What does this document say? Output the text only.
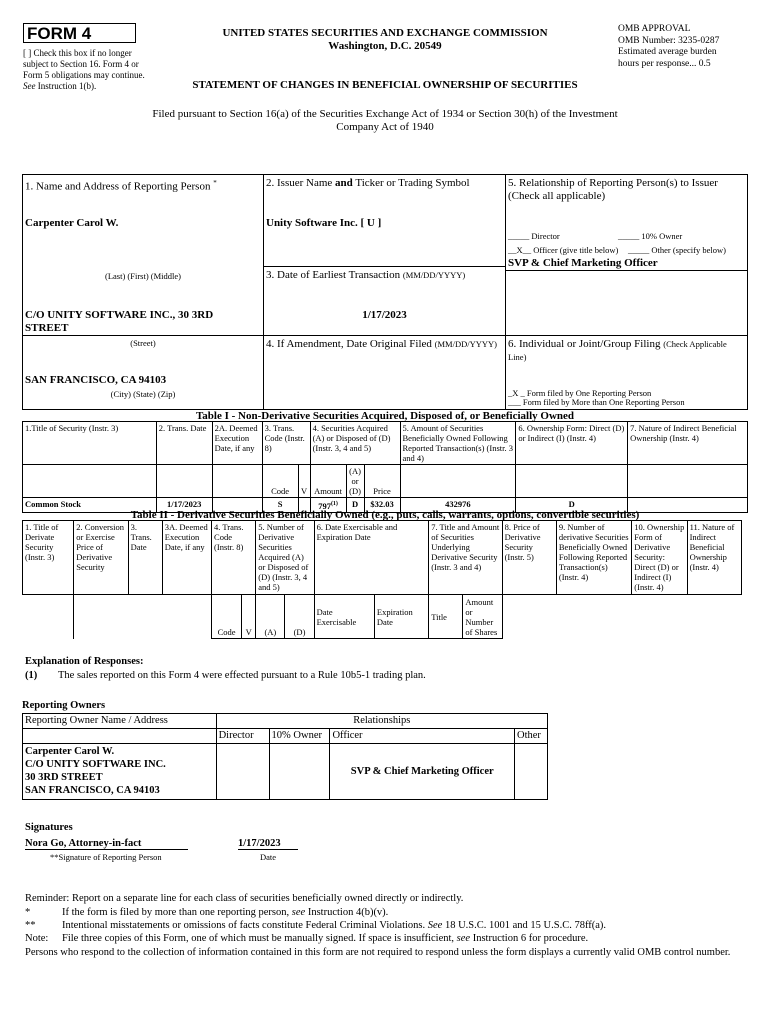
FORM 4
[ ] Check this box if no longer subject to Section 16. Form 4 or Form 5 obligations may continue. See Instruction 1(b).
UNITED STATES SECURITIES AND EXCHANGE COMMISSION
Washington, D.C. 20549
OMB APPROVAL
OMB Number: 3235-0287
Estimated average burden
hours per response... 0.5
STATEMENT OF CHANGES IN BENEFICIAL OWNERSHIP OF SECURITIES
Filed pursuant to Section 16(a) of the Securities Exchange Act of 1934 or Section 30(h) of the Investment Company Act of 1940
1. Name and Address of Reporting Person *
Carpenter Carol W.
(Last) (First) (Middle)
C/O UNITY SOFTWARE INC., 30 3RD STREET
(Street)
SAN FRANCISCO, CA 94103
(City) (State) (Zip)
2. Issuer Name and Ticker or Trading Symbol
Unity Software Inc. [ U ]
3. Date of Earliest Transaction (MM/DD/YYYY)
1/17/2023
4. If Amendment, Date Original Filed (MM/DD/YYYY)
5. Relationship of Reporting Person(s) to Issuer
(Check all applicable)
_____ Director	_____ 10% Owner
__X__ Officer (give title below) _____ Other (specify below)
SVP & Chief Marketing Officer
6. Individual or Joint/Group Filing (Check Applicable
Line)
_X _ Form filed by One Reporting Person
___ Form filed by More than One Reporting Person
Table I - Non-Derivative Securities Acquired, Disposed of, or Beneficially Owned
1.Title of Security (Instr. 3)	2. Trans. Date	2A. Deemed Execution Date, if any	3. Trans. Code (Instr. 8)		4. Securities Acquired (A) or Disposed of (D) (Instr. 3, 4 and 5)			5. Amount of Securities Beneficially Owned Following Reported Transaction(s) (Instr. 3 and 4)	6. Ownership Form: Direct (D) or Indirect (I) (Instr. 4)	7. Nature of Indirect Beneficial Ownership (Instr. 4)
			Code	V	Amount	(A) or (D)	Price			
Common Stock	1/17/2023		S		797$^{(1)}$	D	$32.03	432976	D	
Table II - Derivative Securities Beneficially Owned (e.g., puts, calls, warrants, options, convertible securities)
1. Title of Derivate Security (Instr. 3)	2. Conversion or Exercise Price of Derivative Security	3. Trans. Date	3A. Deemed Execution Date, if any	4. Trans. Code (Instr. 8)		5. Number of Derivative Securities Acquired (A) or Disposed of (D) (Instr. 3, 4 and 5)		6. Date Exercisable and Expiration Date		7. Title and Amount of Securities Underlying Derivative Security (Instr. 3 and 4)		8. Price of Derivative Security (Instr. 5)	9. Number of derivative Securities Beneficially Owned Following Reported Transaction(s) (Instr. 4)	10. Ownership Form of Derivative Security: Direct (D) or Indirect (I) (Instr. 4)	11. Nature of Indirect Beneficial Ownership (Instr. 4)
				Code	V	(A)	(D)	Date Exercisable	Expiration Date	Title	Amount or Number of Shares				
Explanation of Responses:
(1) The sales reported on this Form 4 were effected pursuant to a Rule 10b5-1 trading plan.
Reporting Owners
Reporting Owner Name / Address	Relationships			
	Director	10% Owner	Officer	Other

Carpenter Carol W.
C/O UNITY SOFTWARE INC.
30 3RD STREET
SAN FRANCISCO, CA 94103			SVP & Chief Marketing Officer	
Signatures
Nora Go, Attorney-in-fact	1/17/2023
**Signature of Reporting Person	Date
Reminder: Report on a separate line for each class of securities beneficially owned directly or indirectly.
*	If the form is filed by more than one reporting person, see Instruction 4(b)(v).
**	Intentional misstatements or omissions of facts constitute Federal Criminal Violations. See 18 U.S.C. 1001 and 15 U.S.C. 78ff(a).
Note: File three copies of this Form, one of which must be manually signed. If space is insufficient, see Instruction 6 for procedure.
Persons who respond to the collection of information contained in this form are not required to respond unless the form displays a currently valid OMB control number.
